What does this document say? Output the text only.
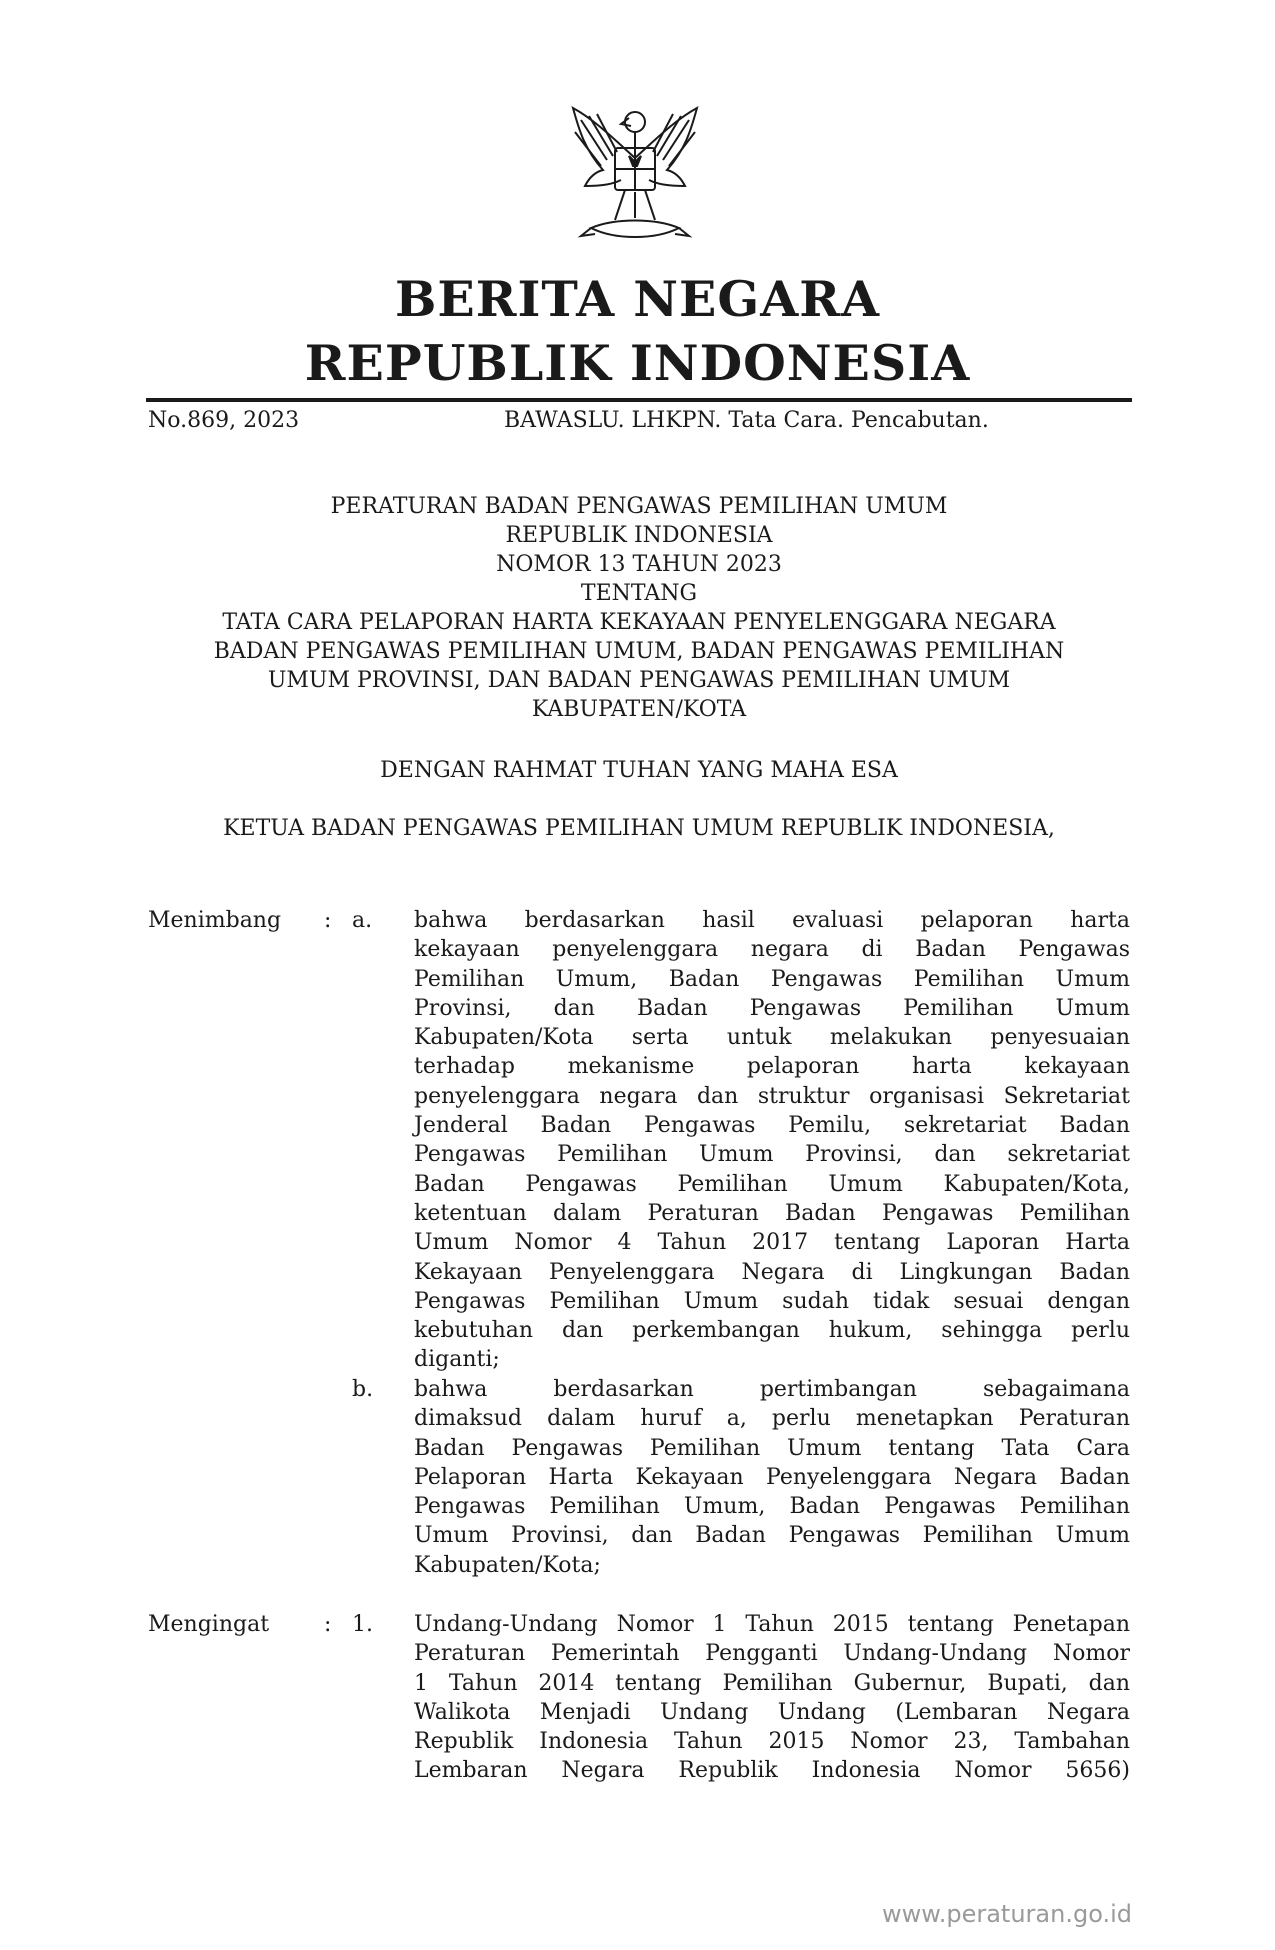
BERITA NEGARA
REPUBLIK INDONESIA
No.869, 2023	BAWASLU. LHKPN. Tata Cara. Pencabutan.
PERATURAN BADAN PENGAWAS PEMILIHAN UMUM
REPUBLIK INDONESIA
NOMOR 13 TAHUN 2023
TENTANG
TATA CARA PELAPORAN HARTA KEKAYAAN PENYELENGGARA NEGARA
BADAN PENGAWAS PEMILIHAN UMUM, BADAN PENGAWAS PEMILIHAN
UMUM PROVINSI, DAN BADAN PENGAWAS PEMILIHAN UMUM
KABUPATEN/KOTA
DENGAN RAHMAT TUHAN YANG MAHA ESA
KETUA BADAN PENGAWAS PEMILIHAN UMUM REPUBLIK INDONESIA,
Menimbang : a. bahwa berdasarkan hasil evaluasi pelaporan harta
kekayaan penyelenggara negara di Badan Pengawas
Pemilihan Umum, Badan Pengawas Pemilihan Umum
Provinsi, dan Badan Pengawas Pemilihan Umum
Kabupaten/Kota serta untuk melakukan penyesuaian
terhadap mekanisme pelaporan harta kekayaan
penyelenggara negara dan struktur organisasi Sekretariat
Jenderal Badan Pengawas Pemilu, sekretariat Badan
Pengawas Pemilihan Umum Provinsi, dan sekretariat
Badan Pengawas Pemilihan Umum Kabupaten/Kota,
ketentuan dalam Peraturan Badan Pengawas Pemilihan
Umum Nomor 4 Tahun 2017 tentang Laporan Harta
Kekayaan Penyelenggara Negara di Lingkungan Badan
Pengawas Pemilihan Umum sudah tidak sesuai dengan
kebutuhan dan perkembangan hukum, sehingga perlu
diganti;
b. bahwa berdasarkan pertimbangan sebagaimana
dimaksud dalam huruf a, perlu menetapkan Peraturan
Badan Pengawas Pemilihan Umum tentang Tata Cara
Pelaporan Harta Kekayaan Penyelenggara Negara Badan
Pengawas Pemilihan Umum, Badan Pengawas Pemilihan
Umum Provinsi, dan Badan Pengawas Pemilihan Umum
Kabupaten/Kota;
Mengingat : 1. Undang-Undang Nomor 1 Tahun 2015 tentang Penetapan
Peraturan Pemerintah Pengganti Undang-Undang Nomor
1 Tahun 2014 tentang Pemilihan Gubernur, Bupati, dan
Walikota Menjadi Undang Undang (Lembaran Negara
Republik Indonesia Tahun 2015 Nomor 23, Tambahan
Lembaran Negara Republik Indonesia Nomor 5656)
www.peraturan.go.id
